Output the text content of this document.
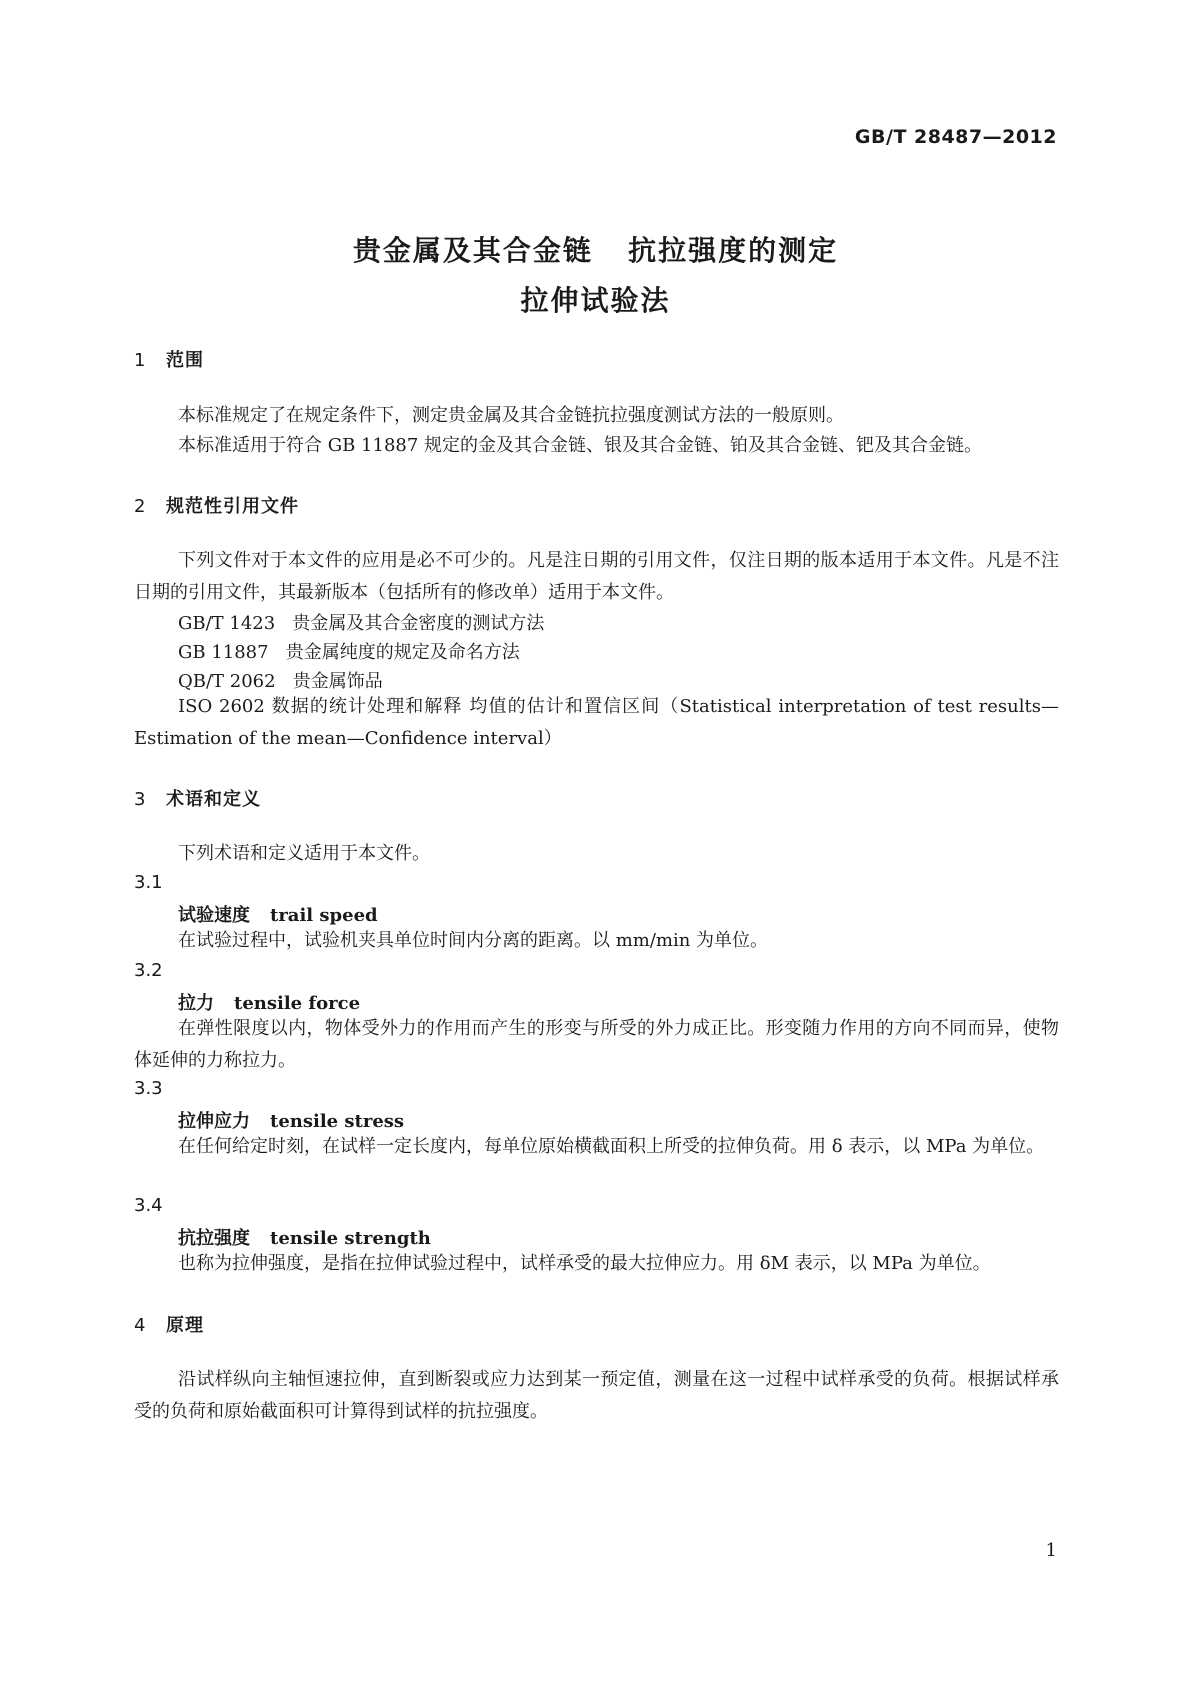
GB/T 28487—2012
贵金属及其合金链   抗拉强度的测定
拉伸试验法
1 范围
本标准规定了在规定条件下，测定贵金属及其合金链抗拉强度测试方法的一般原则。
本标准适用于符合 GB 11887 规定的金及其合金链、银及其合金链、铂及其合金链、钯及其合金链。
2 规范性引用文件
下列文件对于本文件的应用是必不可少的。凡是注日期的引用文件，仅注日期的版本适用于本文件。凡是不注日期的引用文件，其最新版本（包括所有的修改单）适用于本文件。
GB/T 1423   贵金属及其合金密度的测试方法
GB 11887   贵金属纯度的规定及命名方法
QB/T 2062   贵金属饰品
ISO 2602 数据的统计处理和解释 均值的估计和置信区间（Statistical interpretation of test results—Estimation of the mean—Confidence interval）
3 术语和定义
下列术语和定义适用于本文件。
3.1
试验速度 trail speed
在试验过程中，试验机夹具单位时间内分离的距离。以 mm/min 为单位。
3.2
拉力 tensile force
在弹性限度以内，物体受外力的作用而产生的形变与所受的外力成正比。形变随力作用的方向不同而异，使物体延伸的力称拉力。
3.3
拉伸应力 tensile stress
在任何给定时刻，在试样一定长度内，每单位原始横截面积上所受的拉伸负荷。用 δ 表示，以 MPa 为单位。
3.4
抗拉强度 tensile strength
也称为拉伸强度，是指在拉伸试验过程中，试样承受的最大拉伸应力。用 δM 表示，以 MPa 为单位。
4 原理
沿试样纵向主轴恒速拉伸，直到断裂或应力达到某一预定值，测量在这一过程中试样承受的负荷。根据试样承受的负荷和原始截面积可计算得到试样的抗拉强度。
1
